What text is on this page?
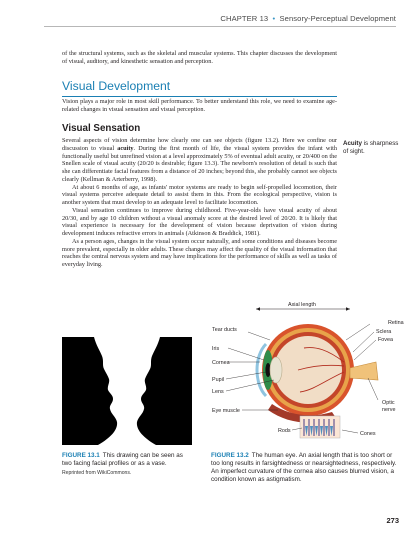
CHAPTER 13 • Sensory-Perceptual Development

of the structural systems, such as the skeletal and muscular systems. This chapter discusses the development of visual, auditory, and kinesthetic sensation and perception.

Visual Development

Vision plays a major role in most skill performance. To better understand this role, we need to examine age-related changes in visual sensation and visual perception.

Visual Sensation

Several aspects of vision determine how clearly one can see objects (figure 13.2). Here we confine our discussion to visual acuity. During the first month of life, the visual system provides the infant with functionally useful but unrefined vision at a level approximately 5% of eventual adult acuity, or 20/400 on the Snellen scale of visual acuity (20/20 is desirable; figure 13.3). The newborn's resolution of detail is such that she can differentiate facial features from a distance of 20 inches; beyond this, she probably cannot see objects clearly (Kellman & Arterberry, 1998).

At about 6 months of age, as infants' motor systems are ready to begin self-propelled locomotion, their visual systems perceive adequate detail to assist them in this. From the ecological perspective, vision is another system that must develop to an adequate level to facilitate locomotion.

Visual sensation continues to improve during childhood. Five-year-olds have visual acuity of about 20/30, and by age 10 children without a visual anomaly score at the desired level of 20/20. It is likely that visual experience is necessary for the development of vision because deprivation of vision during development induces refractive errors in animals (Atkinson & Braddick, 1981).

As a person ages, changes in the visual system occur naturally, and some conditions and diseases become more prevalent, especially in older adults. These changes may affect the quality of the visual information that reaches the central nervous system and may have implications for the performance of skills as well as tasks of everyday living.

Acuity is sharpness of sight.
Axial length
Retina
Sclera
Fovea
Tear ducts
Iris
Cornea
Pupil
Lens
Optic
nerve
Eye muscle
Rods	Cones
FIGURE 13.1 This drawing can be seen as two facing facial profiles or as a vase.
Reprinted from WikiCommons.
FIGURE 13.2 The human eye. An axial length that is too short or too long results in farsightedness or nearsightedness, respectively. An imperfect curvature of the cornea also causes blurred vision, a condition known as astigmatism.
273
